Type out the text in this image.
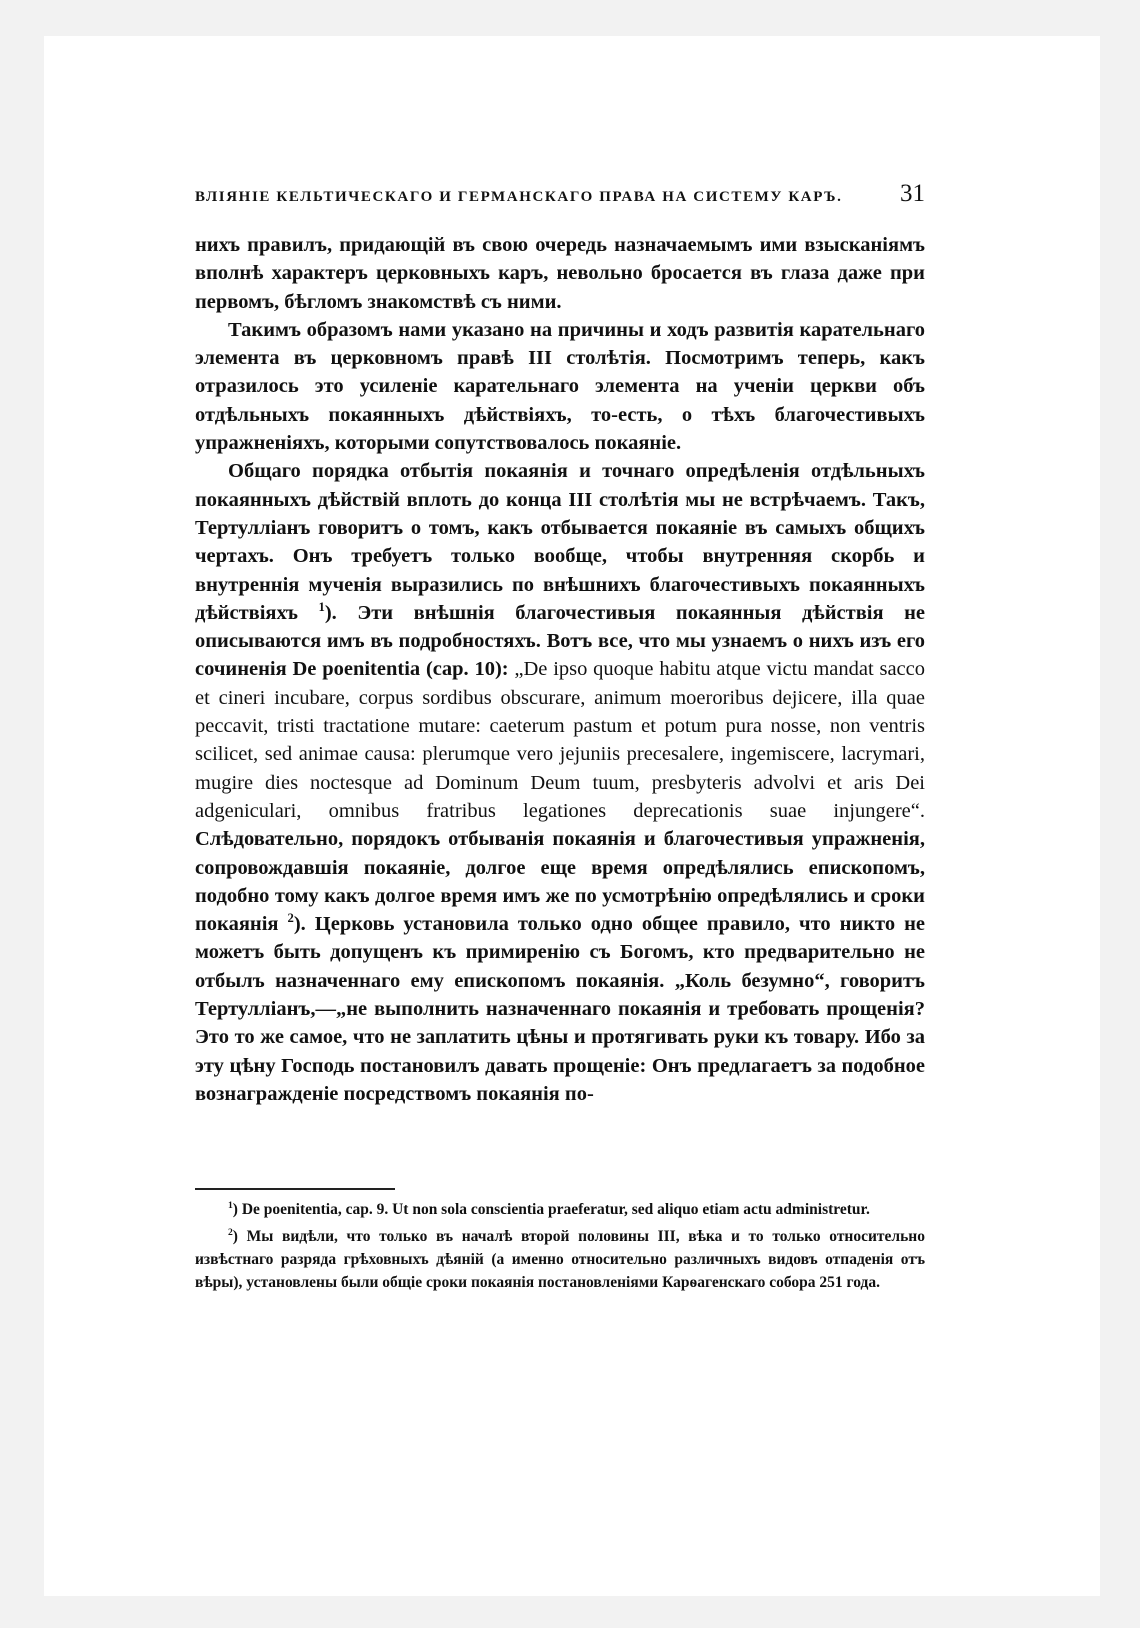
ВЛІЯНІЕ КЕЛЬТИЧЕСКАГО И ГЕРМАНСКАГО ПРАВА НА СИСТЕМУ КАРЪ. 31

нихъ правилъ, придающій въ свою очередь назначаемымъ ими взысканіямъ вполнѣ характеръ церковныхъ каръ, невольно бросается въ глаза даже при первомъ, бѣгломъ знакомствѣ съ ними.

Такимъ образомъ нами указано на причины и ходъ развитія карательнаго элемента въ церковномъ правѣ III столѣтія. Посмотримъ теперь, какъ отразилось это усиленіе карательнаго элемента на ученіи церкви объ отдѣльныхъ покаянныхъ дѣйствіяхъ, то-есть, о тѣхъ благочестивыхъ упражненіяхъ, которыми сопутствовалось покаяніе.

Общаго порядка отбытія покаянія и точнаго опредѣленія отдѣльныхъ покаянныхъ дѣйствій вплоть до конца III столѣтія мы не встрѣчаемъ. Такъ, Тертулліанъ говоритъ о томъ, какъ отбывается покаяніе въ самыхъ общихъ чертахъ. Онъ требуетъ только вообще, чтобы внутренняя скорбь и внутреннія мученія выразились по внѣшнихъ благочестивыхъ покаянныхъ дѣйствіяхъ $^1$). Эти внѣшнія благочестивыя покаянныя дѣйствія не описываются имъ въ подробностяхъ. Вотъ все, что мы узнаемъ о нихъ изъ его сочиненія De poenitentia (cap. 10): „De ipso quoque habitu atque victu mandat sacco et cineri incubare, corpus sordibus obscurare, animum moeroribus dejicere, illa quae peccavit, tristi tractatione mutare: caeterum pastum et potum pura nosse, non ventris scilicet, sed animae causa: plerumque vero jejuniis precesalere, ingemiscere, lacrymari, mugire dies noctesque ad Dominum Deum tuum, presbyteris advolvi et aris Dei adgeniculari, omnibus fratribus legationes deprecationis suae injungere“. Слѣдовательно, порядокъ отбыванія покаянія и благочестивыя упражненія, сопровождавшія покаяніе, долгое еще время опредѣлялись епископомъ, подобно тому какъ долгое время имъ же по усмотрѣнію опредѣлялись и сроки покаянія $^2$). Церковь установила только одно общее правило, что никто не можетъ быть допущенъ къ примиренію съ Богомъ, кто предварительно не отбылъ назначеннаго ему епископомъ покаянія. „Коль безумно“, говоритъ Тертулліанъ,—„не выполнить назначеннаго покаянія и требовать прощенія? Это то же самое, что не заплатить цѣны и протягивать руки къ товару. Ибо за эту цѣну Господь постановилъ давать прощеніе: Онъ предлагаетъ за подобное вознагражденіе посредствомъ покаянія по-

$^1$) De poenitentia, cap. 9. Ut non sola conscientia praeferatur, sed aliquo etiam actu administretur.

$^2$) Мы видѣли, что только въ началѣ второй половины III, вѣка и то только относительно извѣстнаго разряда грѣховныхъ дѣяній (а именно относительно различныхъ видовъ отпаденія отъ вѣры), установлены были общіе сроки покаянія постановленіями Карѳагенскаго собора 251 года.
